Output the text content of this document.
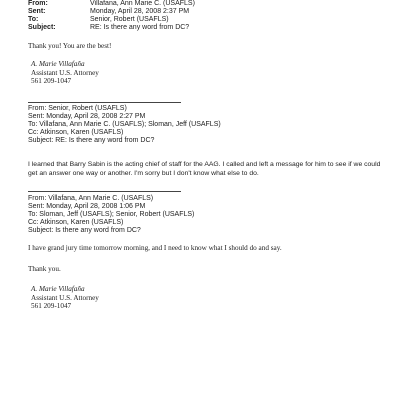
From:	Villafana, Ann Marie C. (USAFLS)
Sent:	Monday, April 28, 2008 2:37 PM
To:	Senior, Robert (USAFLS)
Subject:	RE: Is there any word from DC?
Thank you! You are the best!
A. Marie Villafaña
Assistant U.S. Attorney
561 209-1047
From: Senior, Robert (USAFLS)
Sent: Monday, April 28, 2008 2:27 PM
To: Villafana, Ann Marie C. (USAFLS); Sloman, Jeff (USAFLS)
Cc: Atkinson, Karen (USAFLS)
Subject: RE: Is there any word from DC?
I learned that Barry Sabin is the acting chief of staff for the AAG. I called and left a message for him to see if we could
get an answer one way or another. I'm sorry but I don't know what else to do.
From: Villafana, Ann Marie C. (USAFLS)
Sent: Monday, April 28, 2008 1:06 PM
To: Sloman, Jeff (USAFLS); Senior, Robert (USAFLS)
Cc: Atkinson, Karen (USAFLS)
Subject: Is there any word from DC?
I have grand jury time tomorrow morning, and I need to know what I should do and say.
Thank you.
A. Marie Villafaña
Assistant U.S. Attorney
561 209-1047
